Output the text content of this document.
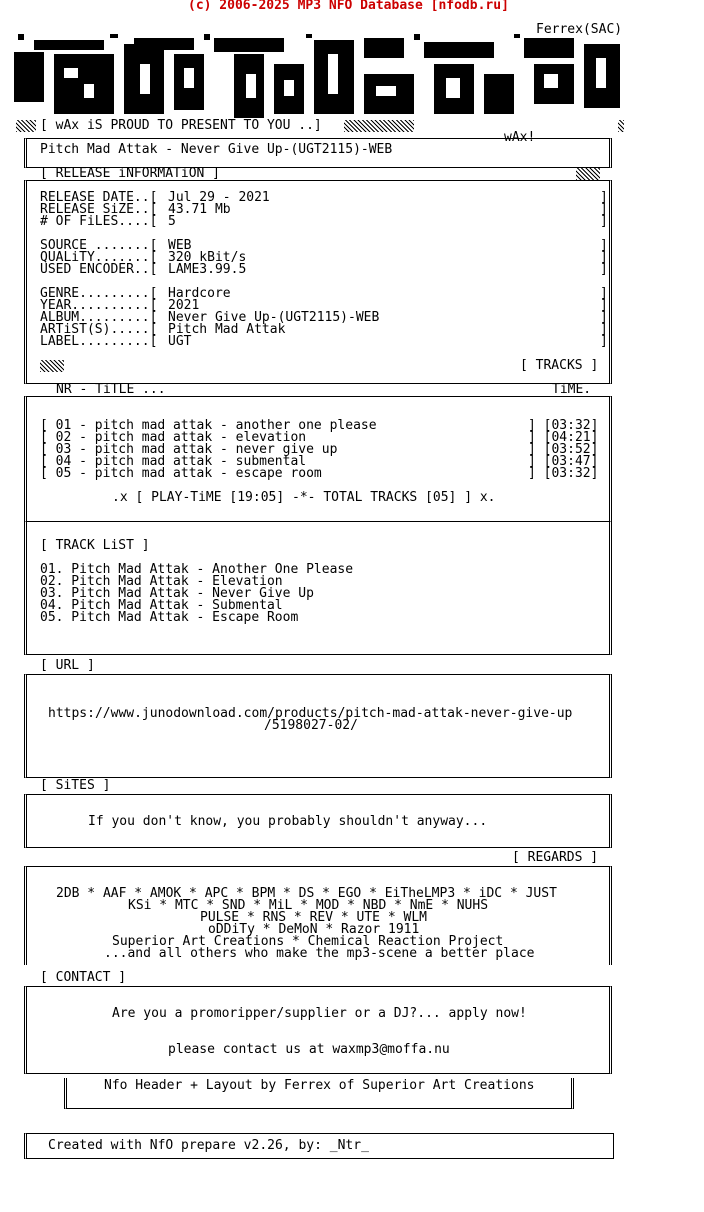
(c) 2006-2025 MP3 NFO Database [nfodb.ru]
Ferrex(SAC)
[ wAx iS PROUD TO PRESENT TO YOU ..]
wAx!
Pitch Mad Attak - Never Give Up-(UGT2115)-WEB
[ RELEASE iNFORMATiON ]
RELEASE DATE..[ Jul 29 - 2021
RELEASE SiZE..[ 43.71 Mb
# OF FiLES....[ 5
SOURCE .......[ WEB
QUALiTY.......[ 320 kBit/s
USED ENCODER..[ LAME3.99.5
GENRE.........[ Hardcore
YEAR..........[ 2021
ALBUM.........[ Never Give Up-(UGT2115)-WEB
ARTiST(S).....[ Pitch Mad Attak
LABEL.........[ UGT
]
]
]

]
]
]

]
]
]
]
]
[ TRACKS ]
NR - TiTLE ...	TiME.
[ 01 - pitch mad attak - another one please	] [03:32]
[ 02 - pitch mad attak - elevation	] [04:21]
[ 03 - pitch mad attak - never give up	] [03:52]
[ 04 - pitch mad attak - submental	] [03:47]
[ 05 - pitch mad attak - escape room	] [03:32]
.x [ PLAY-TiME [19:05] -*- TOTAL TRACKS [05] ] x.
[ TRACK LiST ]
01. Pitch Mad Attak - Another One Please
02. Pitch Mad Attak - Elevation
03. Pitch Mad Attak - Never Give Up
04. Pitch Mad Attak - Submental
05. Pitch Mad Attak - Escape Room
[ URL ]
https://www.junodownload.com/products/pitch-mad-attak-never-give-up
/5198027-02/
[ SiTES ]
If you don't know, you probably shouldn't anyway...
[ REGARDS ]
2DB * AAF * AMOK * APC * BPM * DS * EGO * EiTheLMP3 * iDC * JUST
KSi * MTC * SND * MiL * MOD * NBD * NmE * NUHS
PULSE * RNS * REV * UTE * WLM
oDDiTy * DeMoN * Razor 1911
Superior Art Creations * Chemical Reaction Project
...and all others who make the mp3-scene a better place
[ CONTACT ]
Are you a promoripper/supplier or a DJ?... apply now!
please contact us at waxmp3@moffa.nu
Nfo Header + Layout by Ferrex of Superior Art Creations
Created with NfO prepare v2.26, by: _Ntr_
